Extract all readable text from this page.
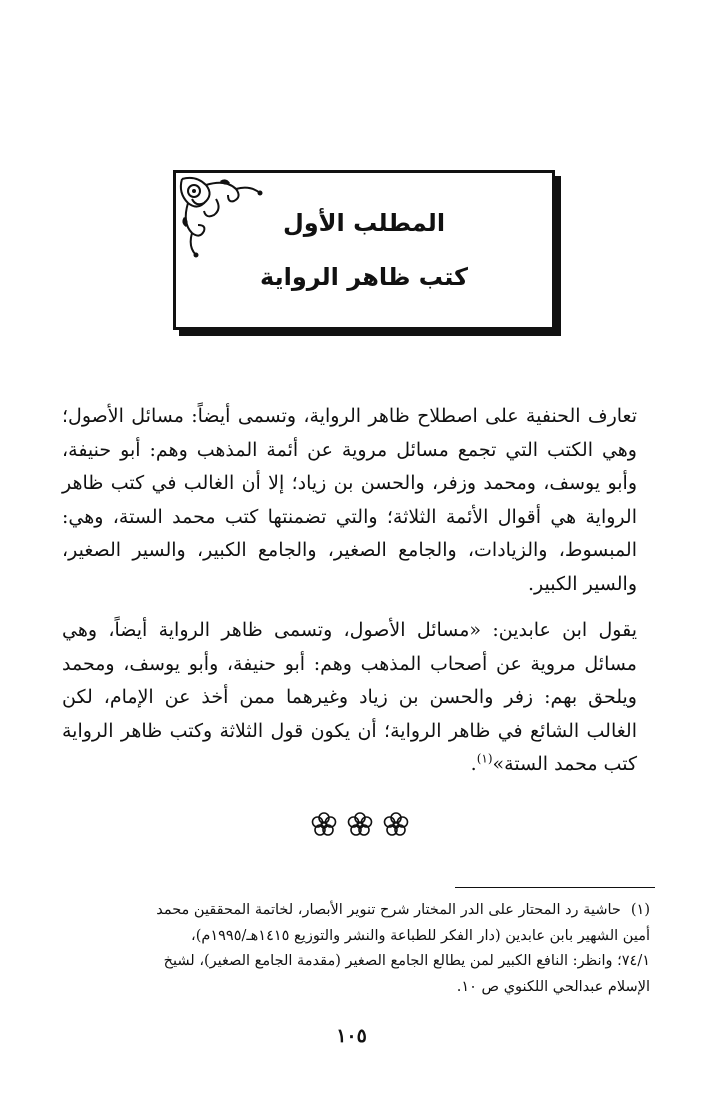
المطلب الأول
كتب ظاهر الرواية
تعارف الحنفية على اصطلاح ظاهر الرواية، وتسمى أيضاً: مسائل الأصول؛ وهي الكتب التي تجمع مسائل مروية عن أئمة المذهب وهم: أبو حنيفة، وأبو يوسف، ومحمد وزفر، والحسن بن زياد؛ إلا أن الغالب في كتب ظاهر الرواية هي أقوال الأئمة الثلاثة؛ والتي تضمنتها كتب محمد الستة، وهي: المبسوط، والزيادات، والجامع الصغير، والجامع الكبير، والسير الصغير، والسير الكبير.
يقول ابن عابدين: «مسائل الأصول، وتسمى ظاهر الرواية أيضاً، وهي مسائل مروية عن أصحاب المذهب وهم: أبو حنيفة، وأبو يوسف، ومحمد ويلحق بهم: زفر والحسن بن زياد وغيرهما ممن أخذ عن الإمام، لكن الغالب الشائع في ظاهر الرواية؛ أن يكون قول الثلاثة وكتب ظاهر الرواية كتب محمد الستة»$^{(١)}$.
(١)حاشية رد المحتار على الدر المختار شرح تنوير الأبصار، لخاتمة المحققين محمد
أمين الشهير بابن عابدين (دار الفكر للطباعة والنشر والتوزيع ١٤١٥هـ/١٩٩٥م)،
٧٤/١؛ وانظر: النافع الكبير لمن يطالع الجامع الصغير (مقدمة الجامع الصغير)، لشيخ
الإسلام عبدالحي اللكنوي ص ١٠.
١٠٥
